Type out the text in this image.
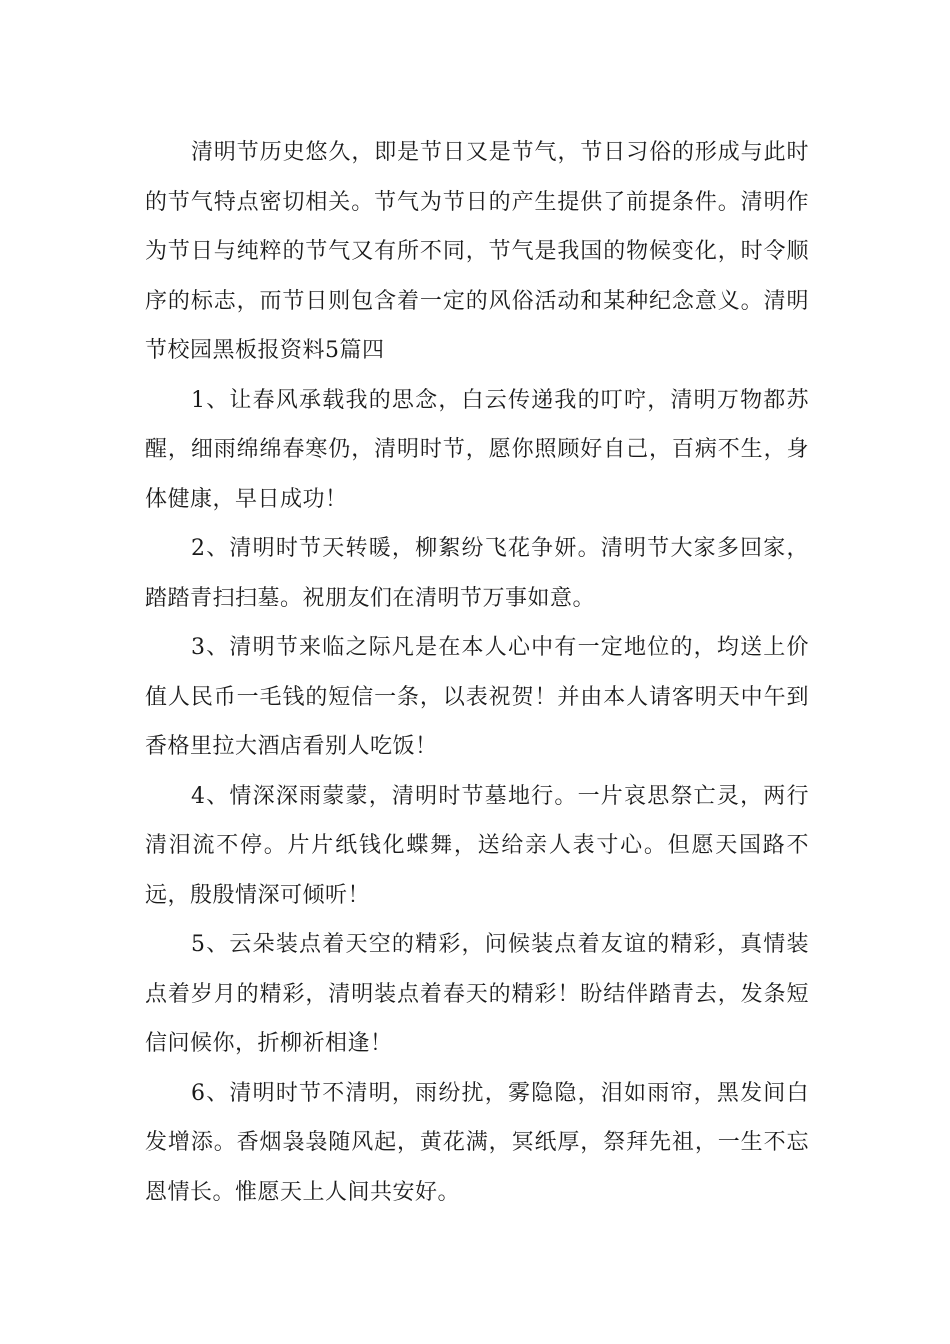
清明节历史悠久，即是节日又是节气，节日习俗的形成与此时的节气特点密切相关。节气为节日的产生提供了前提条件。清明作为节日与纯粹的节气又有所不同，节气是我国的物候变化，时令顺序的标志，而节日则包含着一定的风俗活动和某种纪念意义。清明节校园黑板报资料5篇四

1、让春风承载我的思念，白云传递我的叮咛，清明万物都苏醒，细雨绵绵春寒仍，清明时节，愿你照顾好自己，百病不生，身体健康，早日成功！

2、清明时节天转暖，柳絮纷飞花争妍。清明节大家多回家，踏踏青扫扫墓。祝朋友们在清明节万事如意。

3、清明节来临之际凡是在本人心中有一定地位的，均送上价值人民币一毛钱的短信一条，以表祝贺！并由本人请客明天中午到香格里拉大酒店看别人吃饭！

4、情深深雨蒙蒙，清明时节墓地行。一片哀思祭亡灵，两行清泪流不停。片片纸钱化蝶舞，送给亲人表寸心。但愿天国路不远，殷殷情深可倾听！

5、云朵装点着天空的精彩，问候装点着友谊的精彩，真情装点着岁月的精彩，清明装点着春天的精彩！盼结伴踏青去，发条短信问候你，折柳祈相逢！

6、清明时节不清明，雨纷扰，雾隐隐，泪如雨帘，黑发间白发增添。香烟袅袅随风起，黄花满，冥纸厚，祭拜先祖，一生不忘恩情长。惟愿天上人间共安好。
